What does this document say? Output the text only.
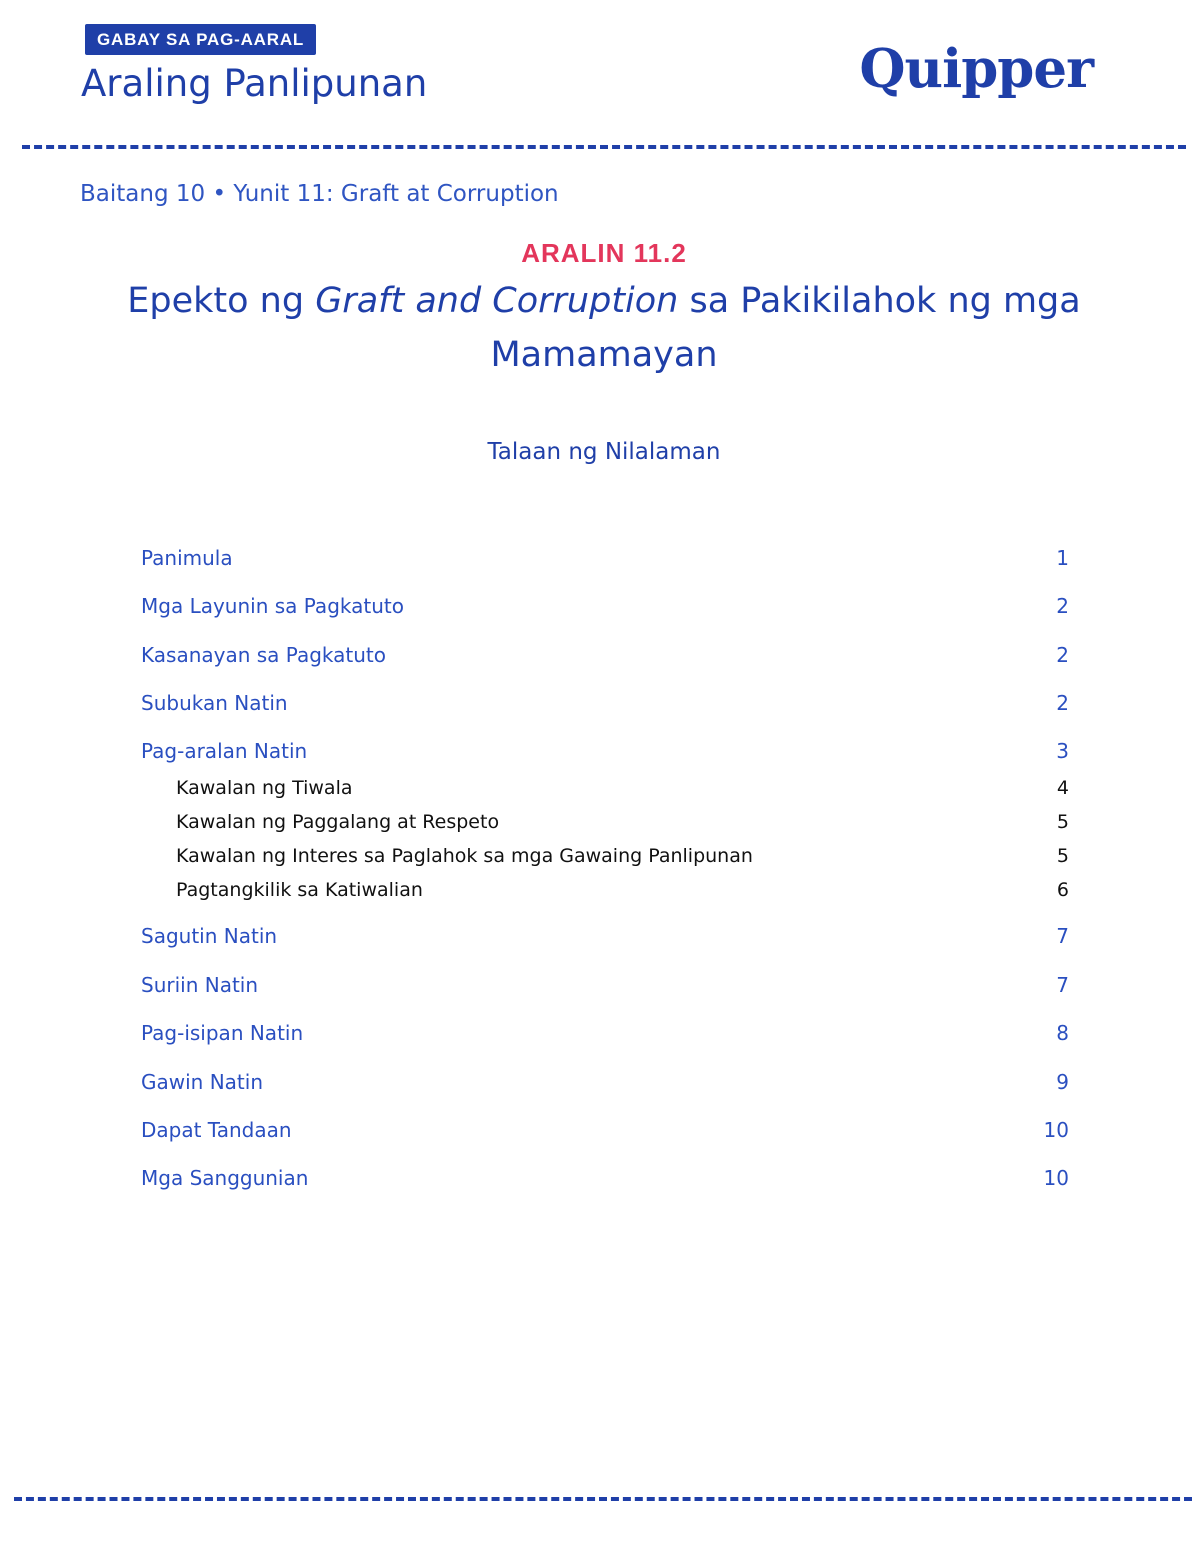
GABAY SA PAG-AARAL
Araling Panlipunan	Quipper
Baitang 10 • Yunit 11: Graft at Corruption
ARALIN 11.2
Epekto ng Graft and Corruption sa Pakikilahok ng mga Mamamayan
Talaan ng Nilalaman
Panimula	1
Mga Layunin sa Pagkatuto	2
Kasanayan sa Pagkatuto	2
Subukan Natin	2
Pag-aralan Natin	3
Kawalan ng Tiwala	4
Kawalan ng Paggalang at Respeto	5
Kawalan ng Interes sa Paglahok sa mga Gawaing Panlipunan	5
Pagtangkilik sa Katiwalian	6
Sagutin Natin	7
Suriin Natin	7
Pag-isipan Natin	8
Gawin Natin	9
Dapat Tandaan	10
Mga Sanggunian	10
